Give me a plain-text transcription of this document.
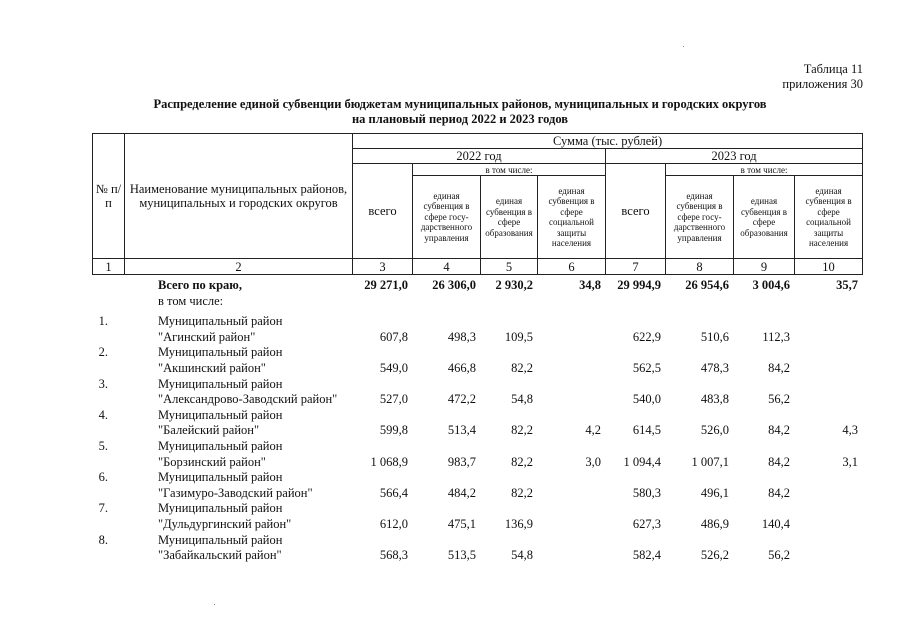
Таблица 11
приложения 30
Распределение единой субвенции бюджетам муниципальных районов, муниципальных и городских округов
на плановый период 2022 и 2023 годов
№ п/п	Наименование муниципальных районов, муниципальных и городских округов	Сумма (тыс. рублей)							
		2022 год				2023 год			
		всего	в том числе:			всего	в том числе:		
			единая субвенция в сфере госу-дарственного управления	единая субвенция в сфере образования	единая субвенция в сфере социальной защиты населения		единая субвенция в сфере госу-дарственного управления	единая субвенция в сфере образования	единая субвенция в сфере социальной защиты населения
1	2	3	4	5	6	7	8	9	10
	Всего по краю,	29 271,0	26 306,0	2 930,2	34,8	29 994,9	26 954,6	3 004,6	35,7
	в том числе:								

1.	Муниципальный район								
	"Агинский район"	607,8	498,3	109,5		622,9	510,6	112,3	
2.	Муниципальный район								
	"Акшинский район"	549,0	466,8	82,2		562,5	478,3	84,2	
3.	Муниципальный район								
	"Александрово-Заводский район"	527,0	472,2	54,8		540,0	483,8	56,2	
4.	Муниципальный район								
	"Балейский район"	599,8	513,4	82,2	4,2	614,5	526,0	84,2	4,3
5.	Муниципальный район								
	"Борзинский район"	1 068,9	983,7	82,2	3,0	1 094,4	1 007,1	84,2	3,1
6.	Муниципальный район								
	"Газимуро-Заводский район"	566,4	484,2	82,2		580,3	496,1	84,2	
7.	Муниципальный район								
	"Дульдургинский район"	612,0	475,1	136,9		627,3	486,9	140,4	
8.	Муниципальный район								
	"Забайкальский район"	568,3	513,5	54,8		582,4	526,2	56,2	
